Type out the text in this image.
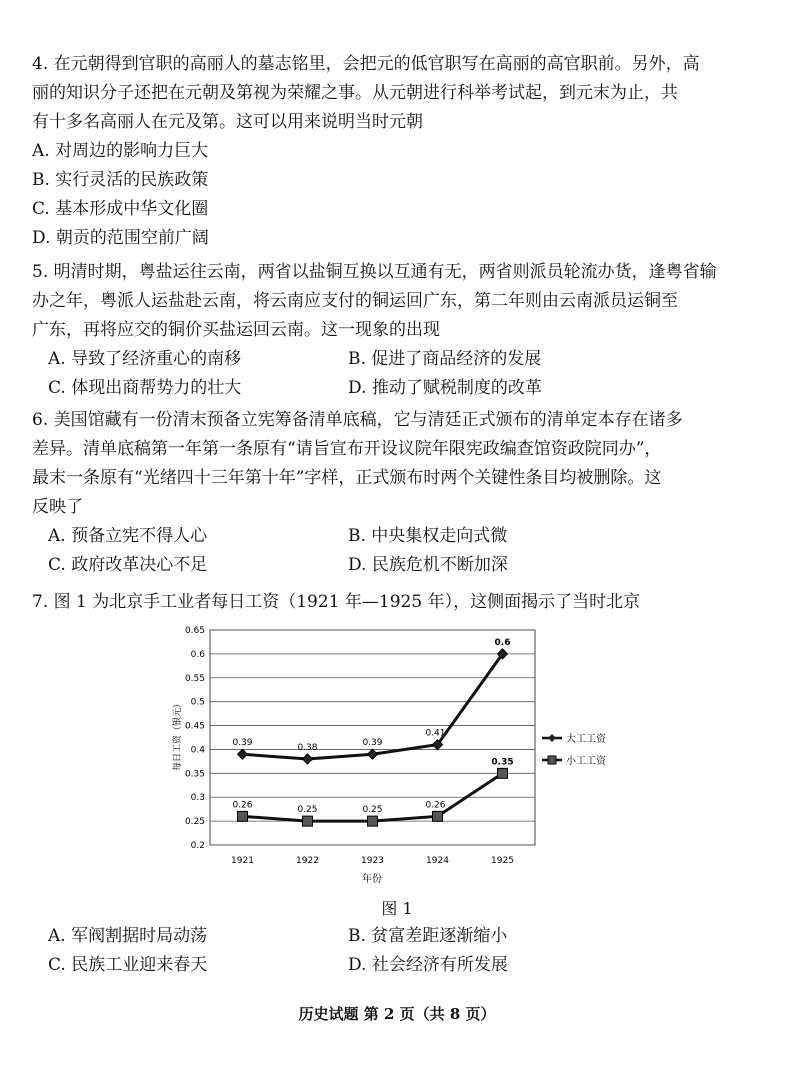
4. 在元朝得到官职的高丽人的墓志铭里，会把元的低官职写在高丽的高官职前。另外，高

丽的知识分子还把在元朝及第视为荣耀之事。从元朝进行科举考试起，到元末为止，共

有十多名高丽人在元及第。这可以用来说明当时元朝

A. 对周边的影响力巨大
B. 实行灵活的民族政策
C. 基本形成中华文化圈
D. 朝贡的范围空前广阔

5. 明清时期，粤盐运往云南，两省以盐铜互换以互通有无，两省则派员轮流办货，逢粤省输

办之年，粤派人运盐赴云南，将云南应支付的铜运回广东，第二年则由云南派员运铜至

广东，再将应交的铜价买盐运回云南。这一现象的出现

A. 导致了经济重心的南移	B. 促进了商品经济的发展
C. 体现出商帮势力的壮大	D. 推动了赋税制度的改革

6. 美国馆藏有一份清末预备立宪筹备清单底稿，它与清廷正式颁布的清单定本存在诸多

差异。清单底稿第一年第一条原有“请旨宣布开设议院年限宪政编查馆资政院同办”，

最末一条原有“光绪四十三年第十年”字样，正式颁布时两个关键性条目均被删除。这

反映了

A. 预备立宪不得人心	B. 中央集权走向式微
C. 政府改革决心不足	D. 民族危机不断加深

7. 图 1 为北京手工业者每日工资（1921 年—1925 年），这侧面揭示了当时北京

0.2
0.25
0.3
0.35
0.4
0.45
0.5
0.55
0.6
0.65
1921	1922	1923	1924	1925
0.39	0.38	0.39
0.41
0.6
0.26	0.25	0.25	0.26
0.35
大工工资
小工工资
每日工资（银元）
年份
图 1
A. 军阀割据时局动荡	B. 贫富差距逐渐缩小
C. 民族工业迎来春天	D. 社会经济有所发展
历史试题 第 2 页（共 8 页）
